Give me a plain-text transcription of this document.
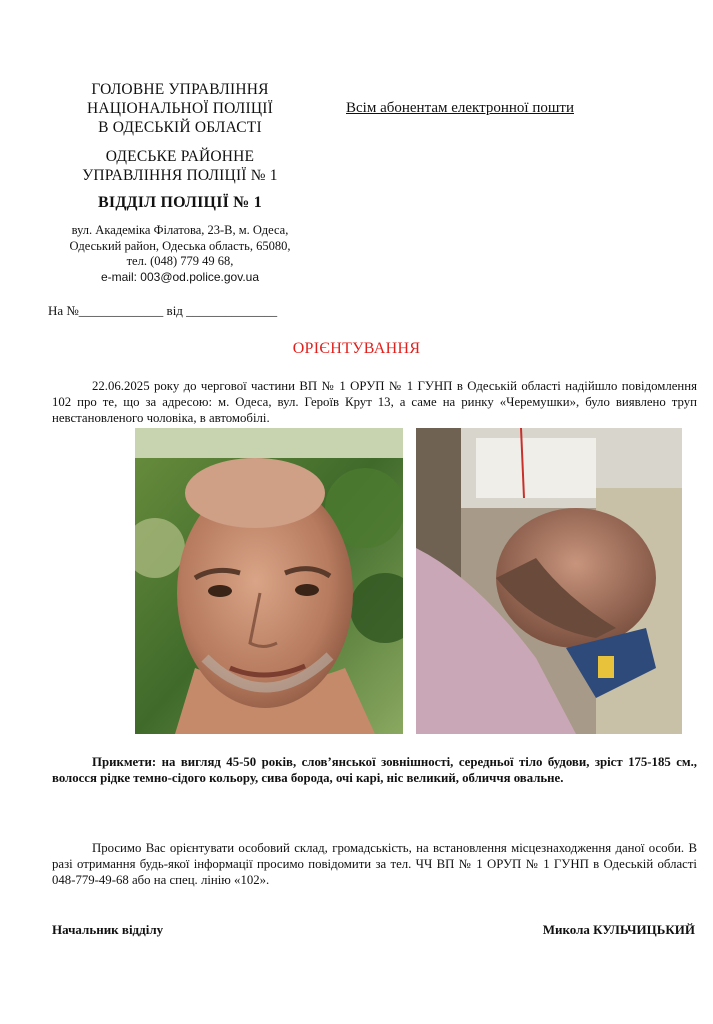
ГОЛОВНЕ УПРАВЛІННЯ
НАЦІОНАЛЬНОЇ ПОЛІЦІЇ
В ОДЕСЬКІЙ ОБЛАСТІ
ОДЕСЬКЕ РАЙОННЕ
УПРАВЛІННЯ ПОЛІЦІЇ № 1
ВІДДІЛ ПОЛІЦІЇ № 1
вул. Академіка Філатова, 23-В, м. Одеса,
Одеський район, Одеська область, 65080,
тел. (048) 779 49 68,
e-mail: 003@od.police.gov.ua
На №_____________ від ______________
Всім абонентам електронної пошти
ОРІЄНТУВАННЯ
22.06.2025 року до чергової частини ВП № 1 ОРУП № 1 ГУНП в Одеській області надійшло повідомлення 102 про те, що за адресою: м. Одеса, вул. Героїв Крут 13, а саме на ринку «Черемушки», було виявлено труп невстановленого чоловіка, в автомобілі.
Прикмети: на вигляд 45-50 років, слов’янської зовнішності, середньої тіло будови, зріст 175-185 см., волосся рідке темно-сідого кольору, сива борода, очі карі, ніс великий, обличчя овальне.
Просимо Вас орієнтувати особовий склад, громадськість, на встановлення місцезнаходження даної особи. В разі отримання будь-якої інформації просимо повідомити за тел. ЧЧ ВП № 1 ОРУП № 1 ГУНП в Одеській області 048-779-49-68 або на спец. лінію «102».
Начальник відділу	Микола КУЛЬЧИЦЬКИЙ
